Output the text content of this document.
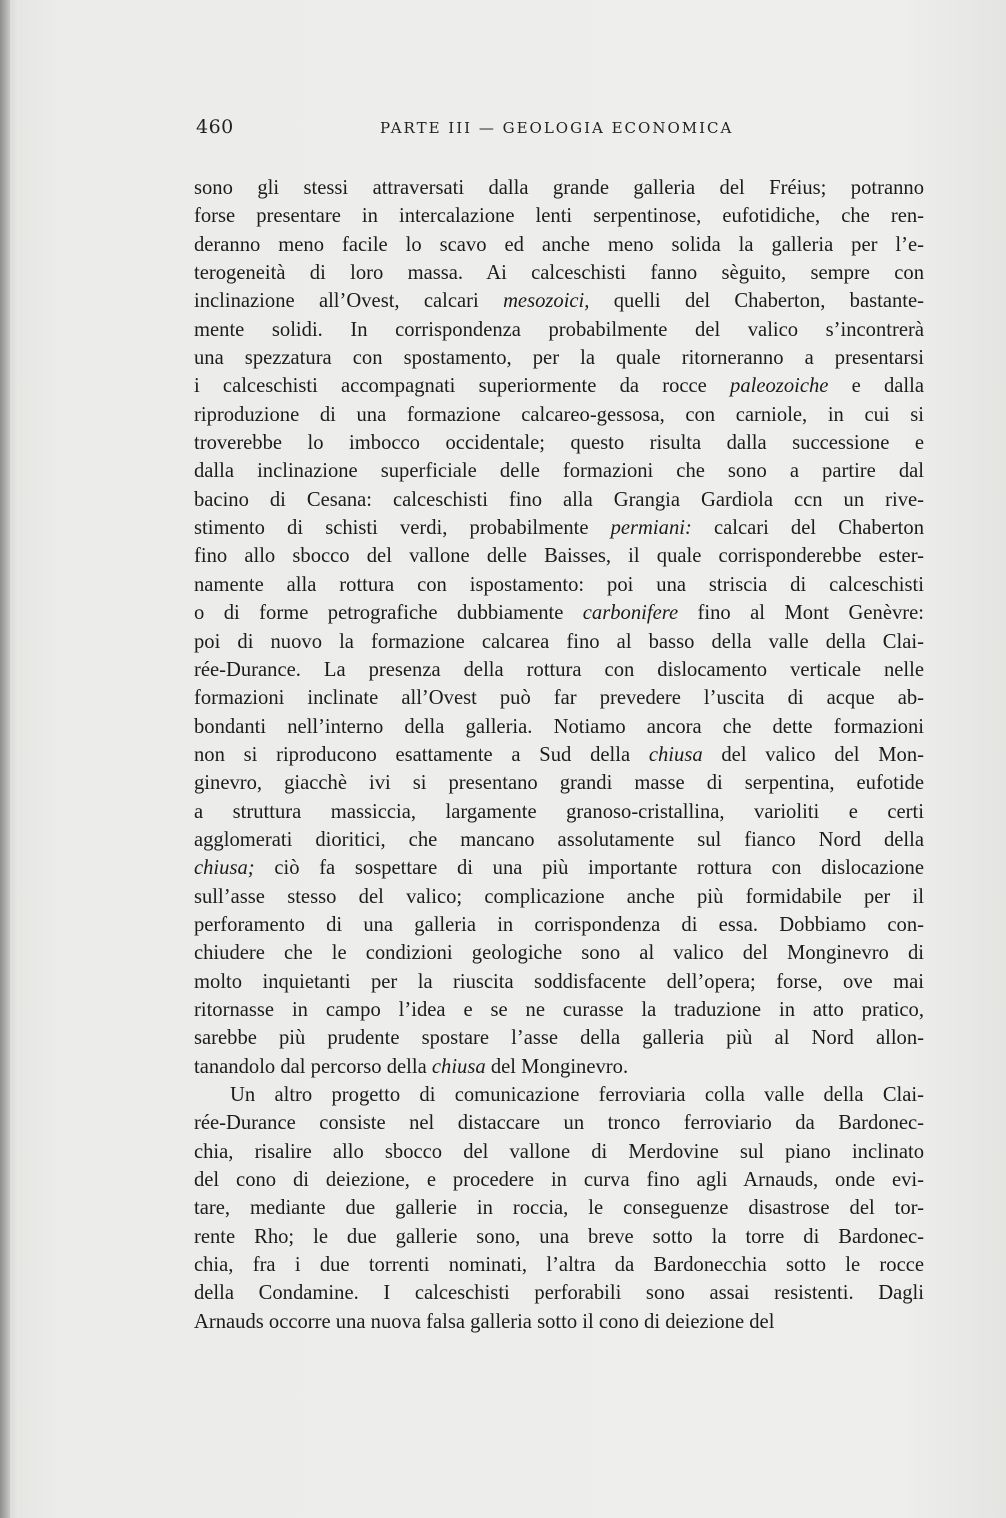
460	PARTE III — GEOLOGIA ECONOMICA
sono gli stessi attraversati dalla grande galleria del Fréius; potranno
forse presentare in intercalazione lenti serpentinose, eufotidiche, che ren-
deranno meno facile lo scavo ed anche meno solida la galleria per l’e-
terogeneità di loro massa. Ai calceschisti fanno sèguito, sempre con
inclinazione all’Ovest, calcari mesozoici, quelli del Chaberton, bastante-
mente solidi. In corrispondenza probabilmente del valico s’incontrerà
una spezzatura con spostamento, per la quale ritorneranno a presentarsi
i calceschisti accompagnati superiormente da rocce paleozoiche e dalla
riproduzione di una formazione calcareo-gessosa, con carniole, in cui si
troverebbe lo imbocco occidentale; questo risulta dalla successione e
dalla inclinazione superficiale delle formazioni che sono a partire dal
bacino di Cesana: calceschisti fino alla Grangia Gardiola ccn un rive-
stimento di schisti verdi, probabilmente permiani: calcari del Chaberton
fino allo sbocco del vallone delle Baisses, il quale corrisponderebbe ester-
namente alla rottura con ispostamento: poi una striscia di calceschisti
o di forme petrografiche dubbiamente carbonifere fino al Mont Genèvre:
poi di nuovo la formazione calcarea fino al basso della valle della Clai-
rée-Durance. La presenza della rottura con dislocamento verticale nelle
formazioni inclinate all’Ovest può far prevedere l’uscita di acque ab-
bondanti nell’interno della galleria. Notiamo ancora che dette formazioni
non si riproducono esattamente a Sud della chiusa del valico del Mon-
ginevro, giacchè ivi si presentano grandi masse di serpentina, eufotide
a struttura massiccia, largamente granoso-cristallina, varioliti e certi
agglomerati dioritici, che mancano assolutamente sul fianco Nord della
chiusa; ciò fa sospettare di una più importante rottura con dislocazione
sull’asse stesso del valico; complicazione anche più formidabile per il
perforamento di una galleria in corrispondenza di essa. Dobbiamo con-
chiudere che le condizioni geologiche sono al valico del Monginevro di
molto inquietanti per la riuscita soddisfacente dell’opera; forse, ove mai
ritornasse in campo l’idea e se ne curasse la traduzione in atto pratico,
sarebbe più prudente spostare l’asse della galleria più al Nord allon-
tanandolo dal percorso della chiusa del Monginevro.
Un altro progetto di comunicazione ferroviaria colla valle della Clai-
rée-Durance consiste nel distaccare un tronco ferroviario da Bardonec-
chia, risalire allo sbocco del vallone di Merdovine sul piano inclinato
del cono di deiezione, e procedere in curva fino agli Arnauds, onde evi-
tare, mediante due gallerie in roccia, le conseguenze disastrose del tor-
rente Rho; le due gallerie sono, una breve sotto la torre di Bardonec-
chia, fra i due torrenti nominati, l’altra da Bardonecchia sotto le rocce
della Condamine. I calceschisti perforabili sono assai resistenti. Dagli
Arnauds occorre una nuova falsa galleria sotto il cono di deiezione del
